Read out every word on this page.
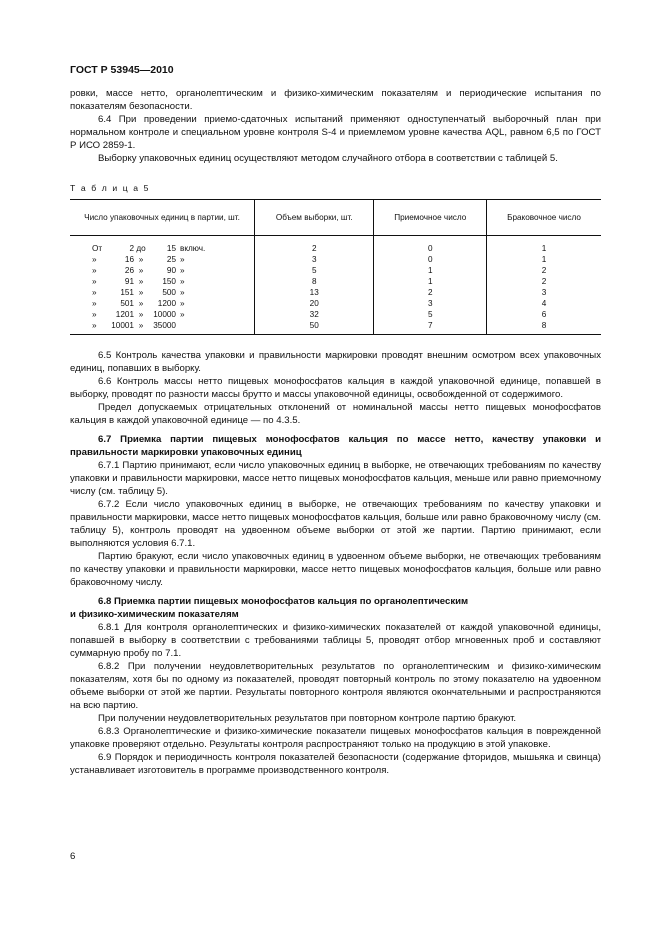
ГОСТ Р 53945—2010

ровки, массе нетто, органолептическим и физико-химическим показателям и периодические испытания по показателям безопасности.

6.4 При проведении приемо-сдаточных испытаний применяют одноступенчатый выборочный план при нормальном контроле и специальном уровне контроля S-4 и приемлемом уровне качества AQL, равном 6,5 по ГОСТ Р ИСО 2859-1.

Выборку упаковочных единиц осуществляют методом случайного отбора в соответствии с таблицей 5.

Т а б л и ц а 5
Число упаковочных единиц в партии, шт.	Объем выборки, шт.	Приемочное число	Браковочное число
От 2 до 15 включ.	2	0	1
» 16 » 25 »	3	0	1
» 26 » 90 »	5	1	2
» 91 » 150 »	8	1	2
» 151 » 500 »	13	2	3
» 501 » 1200 »	20	3	4
» 1201 » 10000 »	32	5	6
» 10001 » 35000	50	7	8

6.5 Контроль качества упаковки и правильности маркировки проводят внешним осмотром всех упаковочных единиц, попавших в выборку.

6.6 Контроль массы нетто пищевых монофосфатов кальция в каждой упаковочной единице, попавшей в выборку, проводят по разности массы брутто и массы упаковочной единицы, освобожденной от содержимого.

Предел допускаемых отрицательных отклонений от номинальной массы нетто пищевых монофосфатов кальция в каждой упаковочной единице — по 4.3.5.

6.7 Приемка партии пищевых монофосфатов кальция по массе нетто, качеству упаковки и правильности маркировки упаковочных единиц

6.7.1 Партию принимают, если число упаковочных единиц в выборке, не отвечающих требованиям по качеству упаковки и правильности маркировки, массе нетто пищевых монофосфатов кальция, меньше или равно приемочному числу (см. таблицу 5).

6.7.2 Если число упаковочных единиц в выборке, не отвечающих требованиям по качеству упаковки и правильности маркировки, массе нетто пищевых монофосфатов кальция, больше или равно браковочному числу (см. таблицу 5), контроль проводят на удвоенном объеме выборки от этой же партии. Партию принимают, если выполняются условия 6.7.1.

Партию бракуют, если число упаковочных единиц в удвоенном объеме выборки, не отвечающих требованиям по качеству упаковки и правильности маркировки, массе нетто пищевых монофосфатов кальция, больше или равно браковочному числу.

6.8 Приемка партии пищевых монофосфатов кальция по органолептическим
и физико-химическим показателям

6.8.1 Для контроля органолептических и физико-химических показателей от каждой упаковочной единицы, попавшей в выборку в соответствии с требованиями таблицы 5, проводят отбор мгновенных проб и составляют суммарную пробу по 7.1.

6.8.2 При получении неудовлетворительных результатов по органолептическим и физико-химическим показателям, хотя бы по одному из показателей, проводят повторный контроль по этому показателю на удвоенном объеме выборки от этой же партии. Результаты повторного контроля являются окончательными и распространяются на всю партию.

При получении неудовлетворительных результатов при повторном контроле партию бракуют.

6.8.3 Органолептические и физико-химические показатели пищевых монофосфатов кальция в поврежденной упаковке проверяют отдельно. Результаты контроля распространяют только на продукцию в этой упаковке.

6.9 Порядок и периодичность контроля показателей безопасности (содержание фторидов, мышьяка и свинца) устанавливает изготовитель в программе производственного контроля.

6
